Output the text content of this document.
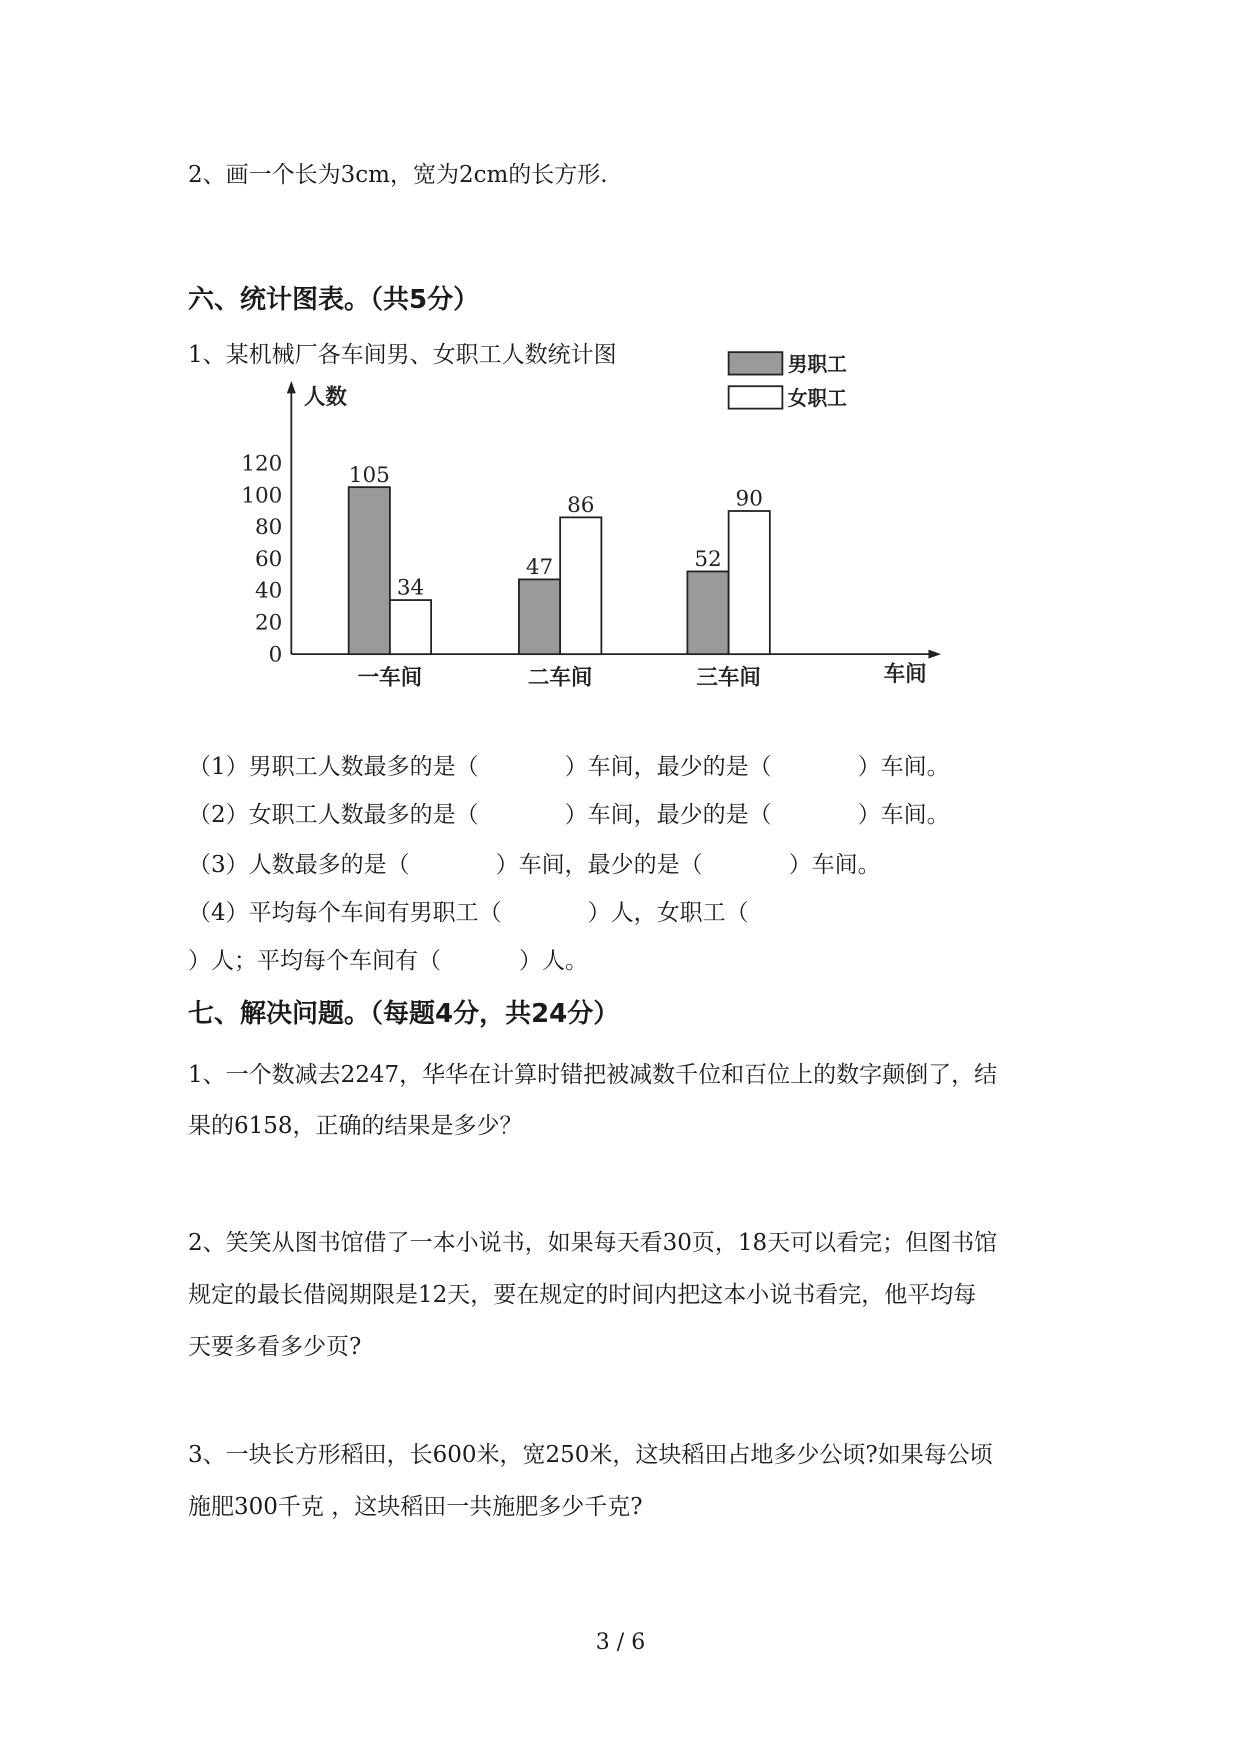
2、画一个长为3cm，宽为2cm的长方形.

六、统计图表。（共5分）

1、某机械厂各车间男、女职工人数统计图

0
20
40
60
80
100
120
人数
105
34
一车间
47
86
二车间
52
90
三车间	车间
男职工
女职工

（1）男职工人数最多的是（	）车间，最少的是（	）车间。

（2）女职工人数最多的是（	）车间，最少的是（	）车间。

（3）人数最多的是（	）车间，最少的是（	）车间。

（4）平均每个车间有男职工（	）人，女职工（

）人；平均每个车间有（	）人。

七、解决问题。（每题4分，共24分）

1、一个数减去2247，华华在计算时错把被减数千位和百位上的数字颠倒了，结

果的6158，正确的结果是多少？

2、笑笑从图书馆借了一本小说书，如果每天看30页，18天可以看完；但图书馆

规定的最长借阅期限是12天，要在规定的时间内把这本小说书看完，他平均每

天要多看多少页?

3、一块长方形稻田，长600米，宽250米，这块稻田占地多少公顷?如果每公顷

施肥300千克 ，这块稻田一共施肥多少千克?

3 / 6
